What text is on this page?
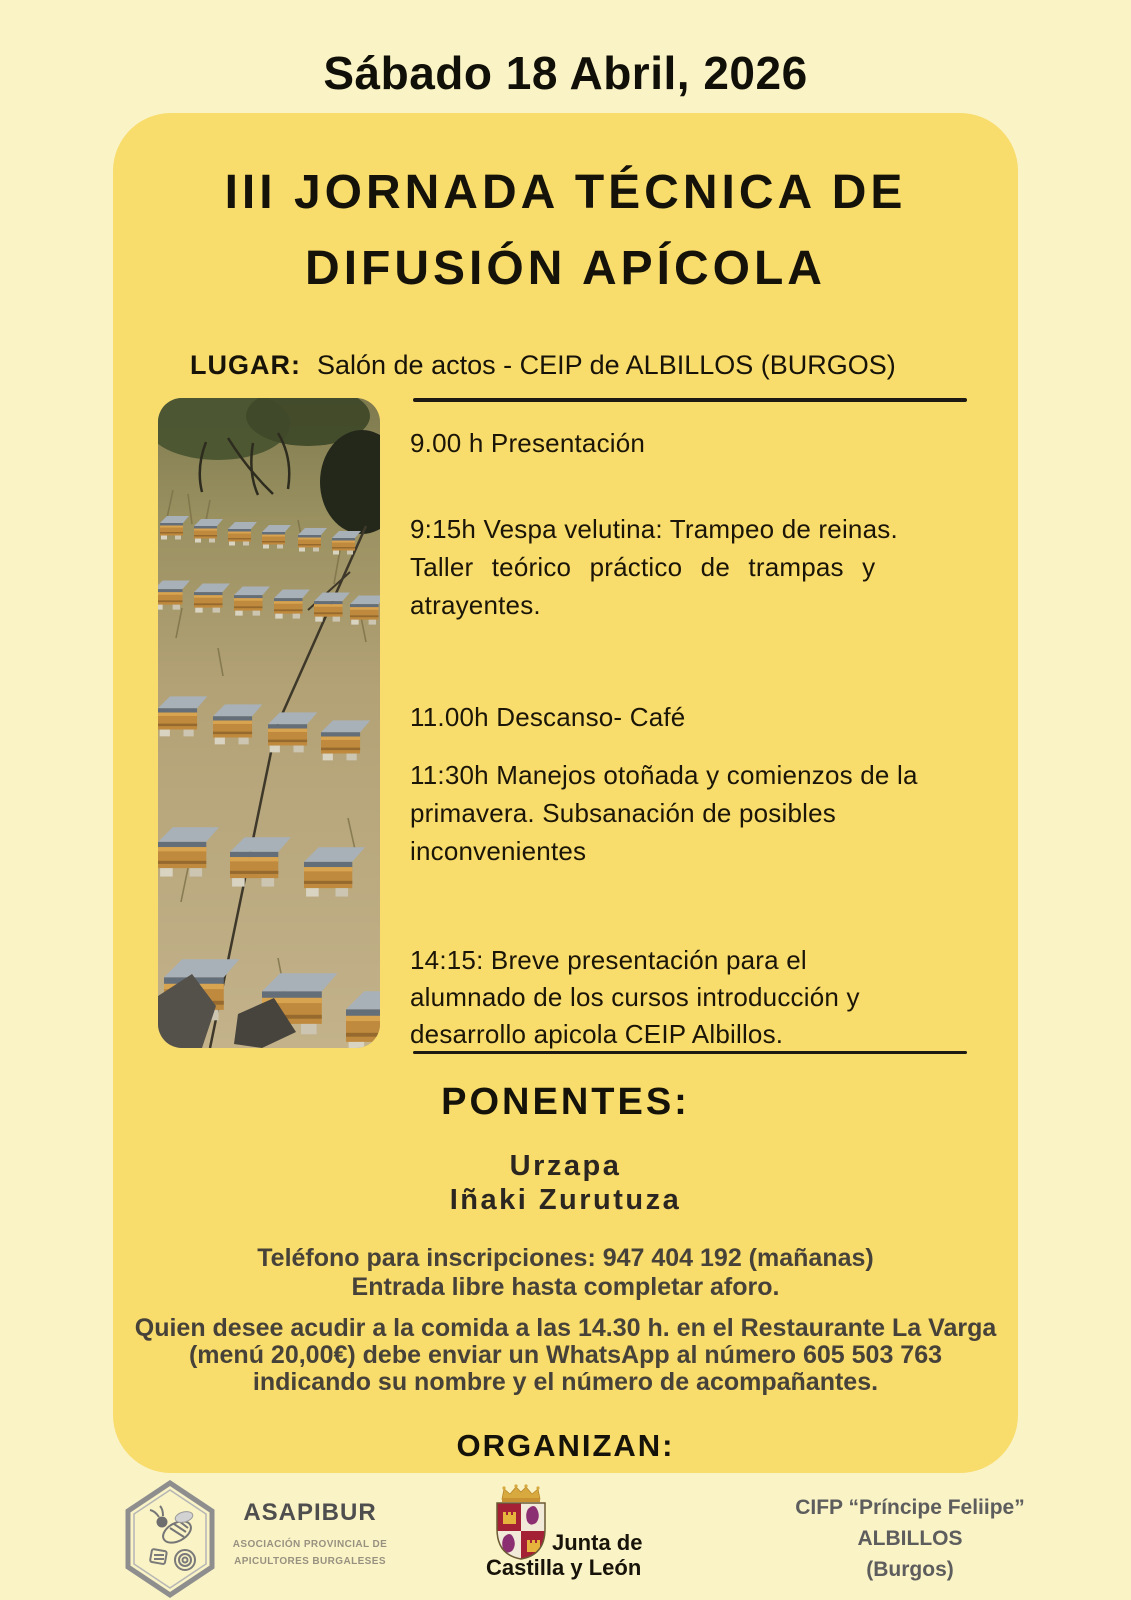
Sábado 18 Abril, 2026
III JORNADA TÉCNICA DE
DIFUSIÓN APÍCOLA
LUGAR: Salón de actos - CEIP de ALBILLOS (BURGOS)
9.00 h Presentación
9:15h Vespa velutina: Trampeo de reinas.
Taller teórico práctico de trampas y
atrayentes.
11.00h Descanso- Café
11:30h Manejos otoñada y comienzos de la
primavera. Subsanación de posibles
inconvenientes
14:15: Breve presentación para el
alumnado de los cursos introducción y
desarrollo apicola CEIP Albillos.
PONENTES:
Urzapa
Iñaki Zurutuza
Teléfono para inscripciones: 947 404 192 (mañanas)
Entrada libre hasta completar aforo.
Quien desee acudir a la comida a las 14.30 h. en el Restaurante La Varga
(menú 20,00€) debe enviar un WhatsApp al número 605 503 763
indicando su nombre y el número de acompañantes.
ORGANIZAN:
ASAPIBUR
ASOCIACIÓN PROVINCIAL DE
APICULTORES BURGALESES
Junta de
Castilla y León
CIFP “Príncipe Feliipe”
ALBILLOS
(Burgos)
